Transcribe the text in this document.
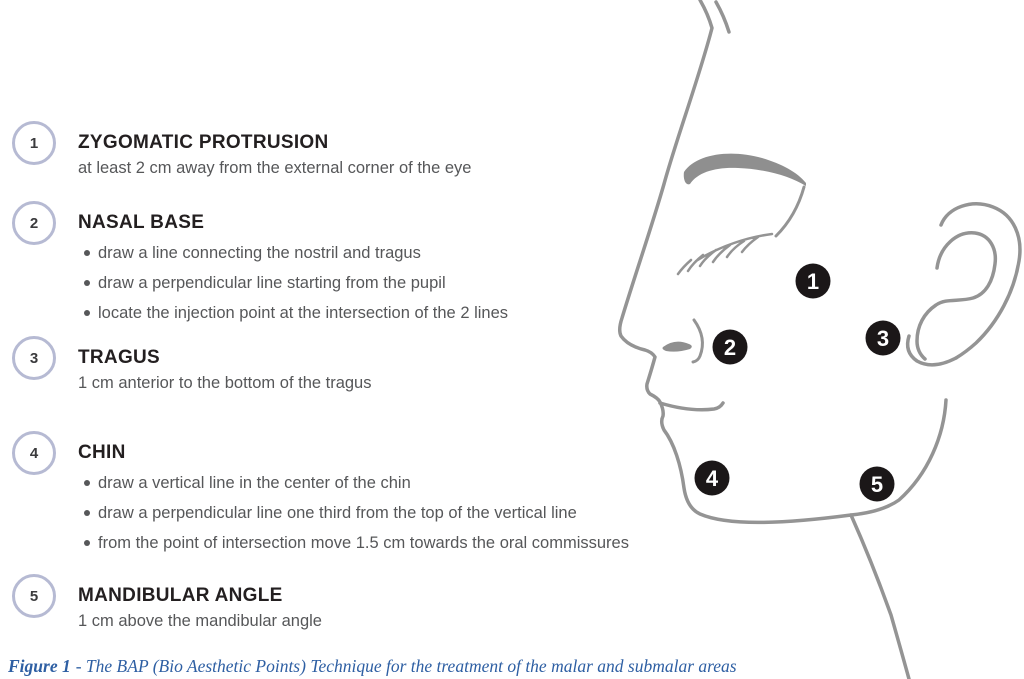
1 ZYGOMATIC PROTRUSION
at least 2 cm away from the external corner of the eye
2 NASAL BASE
draw a line connecting the nostril and tragus
draw a perpendicular line starting from the pupil
locate the injection point at the intersection of the 2 lines
3 TRAGUS
1 cm anterior to the bottom of the tragus
4 CHIN
draw a vertical line in the center of the chin
draw a perpendicular line one third from the top of the vertical line
from the point of intersection move 1.5 cm towards the oral commissures
5 MANDIBULAR ANGLE
1 cm above the mandibular angle
1
2	3
4	5
Figure 1 - The BAP (Bio Aesthetic Points) Technique for the treatment of the malar and submalar areas
